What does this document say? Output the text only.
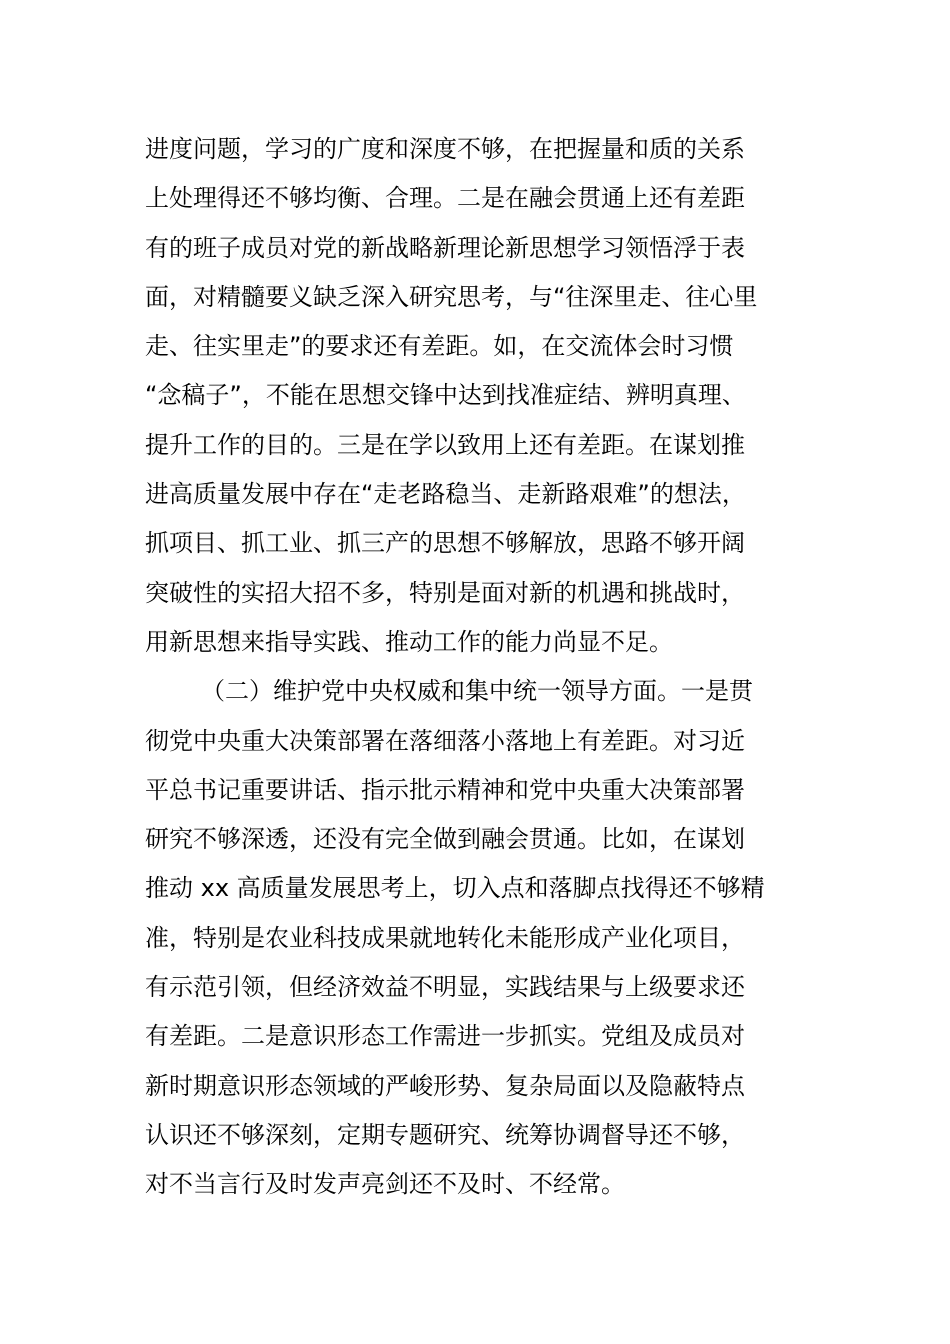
进度问题，学习的广度和深度不够，在把握量和质的关系
上处理得还不够均衡、合理。二是在融会贯通上还有差距
有的班子成员对党的新战略新理论新思想学习领悟浮于表
面，对精髓要义缺乏深入研究思考，与“往深里走、往心里
走、往实里走”的要求还有差距。如，在交流体会时习惯
“念稿子”，不能在思想交锋中达到找准症结、辨明真理、
提升工作的目的。三是在学以致用上还有差距。在谋划推
进高质量发展中存在“走老路稳当、走新路艰难”的想法，
抓项目、抓工业、抓三产的思想不够解放，思路不够开阔
突破性的实招大招不多，特别是面对新的机遇和挑战时，
用新思想来指导实践、推动工作的能力尚显不足。
（二）维护党中央权威和集中统一领导方面。一是贯
彻党中央重大决策部署在落细落小落地上有差距。对习近
平总书记重要讲话、指示批示精神和党中央重大决策部署
研究不够深透，还没有完全做到融会贯通。比如，在谋划
推动 xx 高质量发展思考上，切入点和落脚点找得还不够精
准，特别是农业科技成果就地转化未能形成产业化项目，
有示范引领，但经济效益不明显，实践结果与上级要求还
有差距。二是意识形态工作需进一步抓实。党组及成员对
新时期意识形态领域的严峻形势、复杂局面以及隐蔽特点
认识还不够深刻，定期专题研究、统筹协调督导还不够，
对不当言行及时发声亮剑还不及时、不经常。
